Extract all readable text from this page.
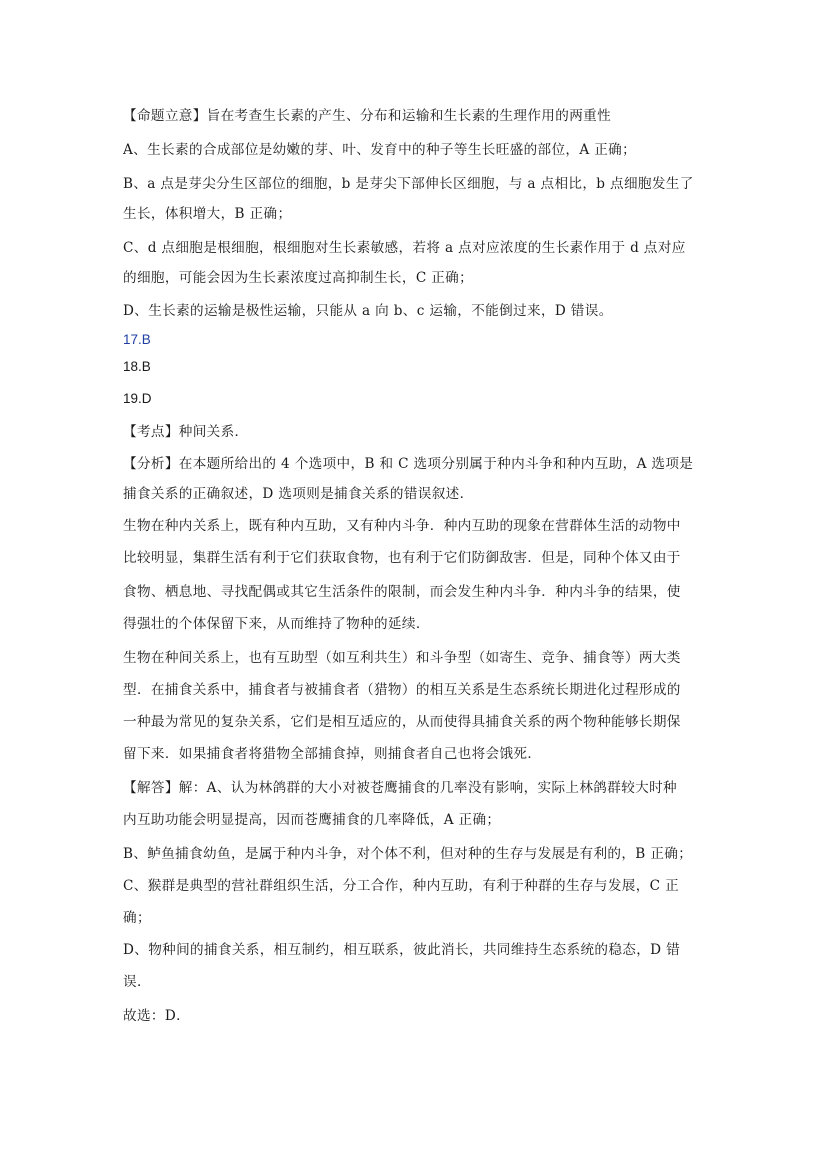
【命题立意】旨在考查生长素的产生、分布和运输和生长素的生理作用的两重性
A、生长素的合成部位是幼嫩的芽、叶、发育中的种子等生长旺盛的部位，A 正确；
B、a 点是芽尖分生区部位的细胞，b 是芽尖下部伸长区细胞，与 a 点相比，b 点细胞发生了
生长，体积增大，B 正确；
C、d 点细胞是根细胞，根细胞对生长素敏感，若将 a 点对应浓度的生长素作用于 d 点对应
的细胞，可能会因为生长素浓度过高抑制生长，C 正确；
D、生长素的运输是极性运输，只能从 a 向 b、c 运输，不能倒过来，D 错误。
17.B
18.B
19.D
【考点】种间关系．
【分析】在本题所给出的 4 个选项中，B 和 C 选项分别属于种内斗争和种内互助，A 选项是
捕食关系的正确叙述，D 选项则是捕食关系的错误叙述．
生物在种内关系上，既有种内互助，又有种内斗争．种内互助的现象在营群体生活的动物中
比较明显，集群生活有利于它们获取食物，也有利于它们防御敌害．但是，同种个体又由于
食物、栖息地、寻找配偶或其它生活条件的限制，而会发生种内斗争．种内斗争的结果，使
得强壮的个体保留下来，从而维持了物种的延续．
生物在种间关系上，也有互助型（如互利共生）和斗争型（如寄生、竞争、捕食等）两大类
型．在捕食关系中，捕食者与被捕食者（猎物）的相互关系是生态系统长期进化过程形成的
一种最为常见的复杂关系，它们是相互适应的，从而使得具捕食关系的两个物种能够长期保
留下来．如果捕食者将猎物全部捕食掉，则捕食者自己也将会饿死．
【解答】解：A、认为林鸽群的大小对被苍鹰捕食的几率没有影响，实际上林鸽群较大时种
内互助功能会明显提高，因而苍鹰捕食的几率降低，A 正确；
B、鲈鱼捕食幼鱼，是属于种内斗争，对个体不利，但对种的生存与发展是有利的，B 正确；
C、猴群是典型的营社群组织生活，分工合作，种内互助，有利于种群的生存与发展，C 正
确；
D、物种间的捕食关系，相互制约，相互联系，彼此消长，共同维持生态系统的稳态，D 错
误．
故选：D．
